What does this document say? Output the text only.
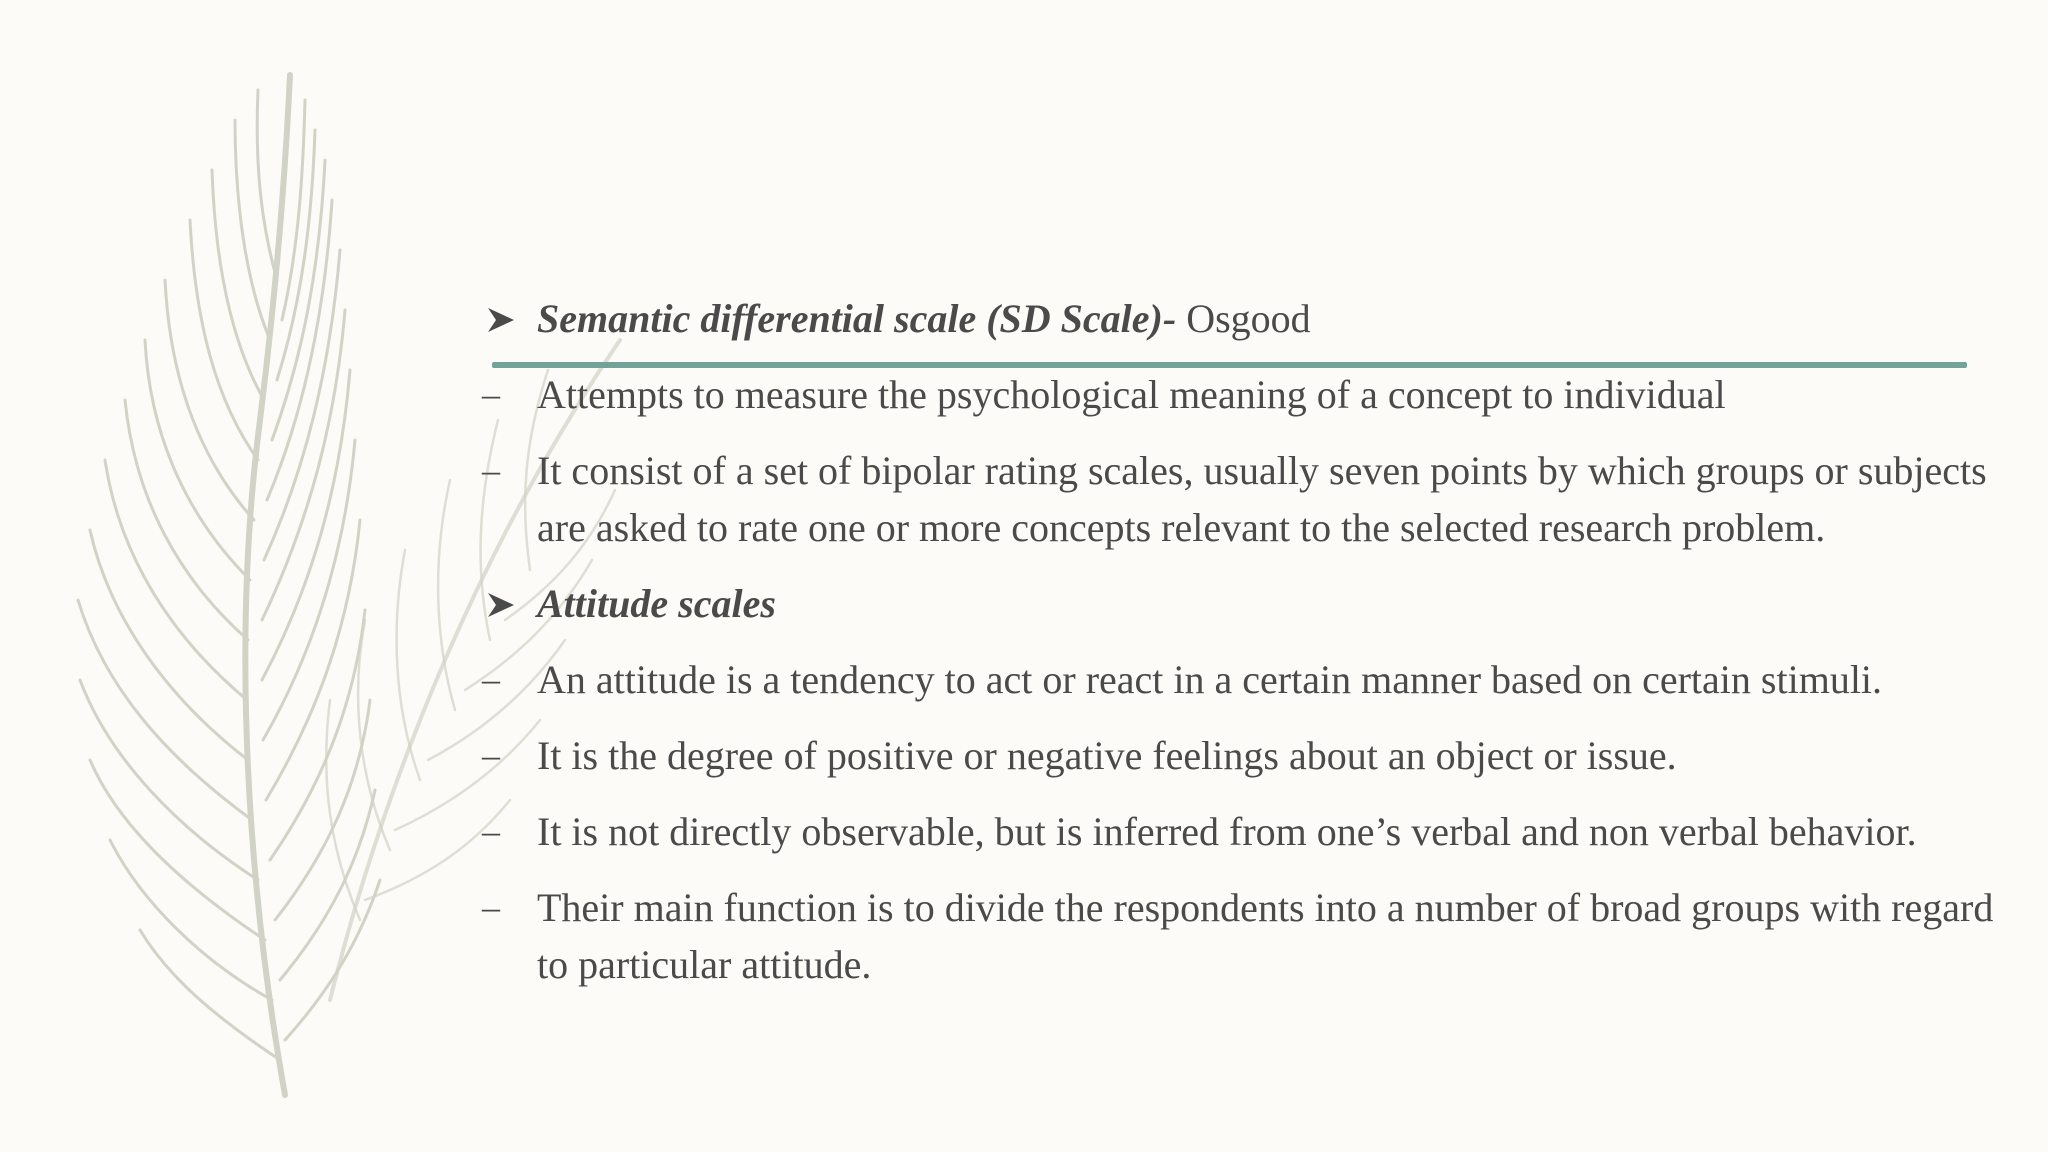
Semantic differential scale (SD Scale)- Osgood
– Attempts to measure the psychological meaning of a concept to individual
– It consist of a set of bipolar rating scales, usually seven points by which groups or subjects are asked to rate one or more concepts relevant to the selected research problem.
Attitude scales
– An attitude is a tendency to act or react in a certain manner based on certain stimuli.
– It is the degree of positive or negative feelings about an object or issue.
– It is not directly observable, but is inferred from one’s verbal and non verbal behavior.
– Their main function is to divide the respondents into a number of broad groups with regard to particular attitude.
